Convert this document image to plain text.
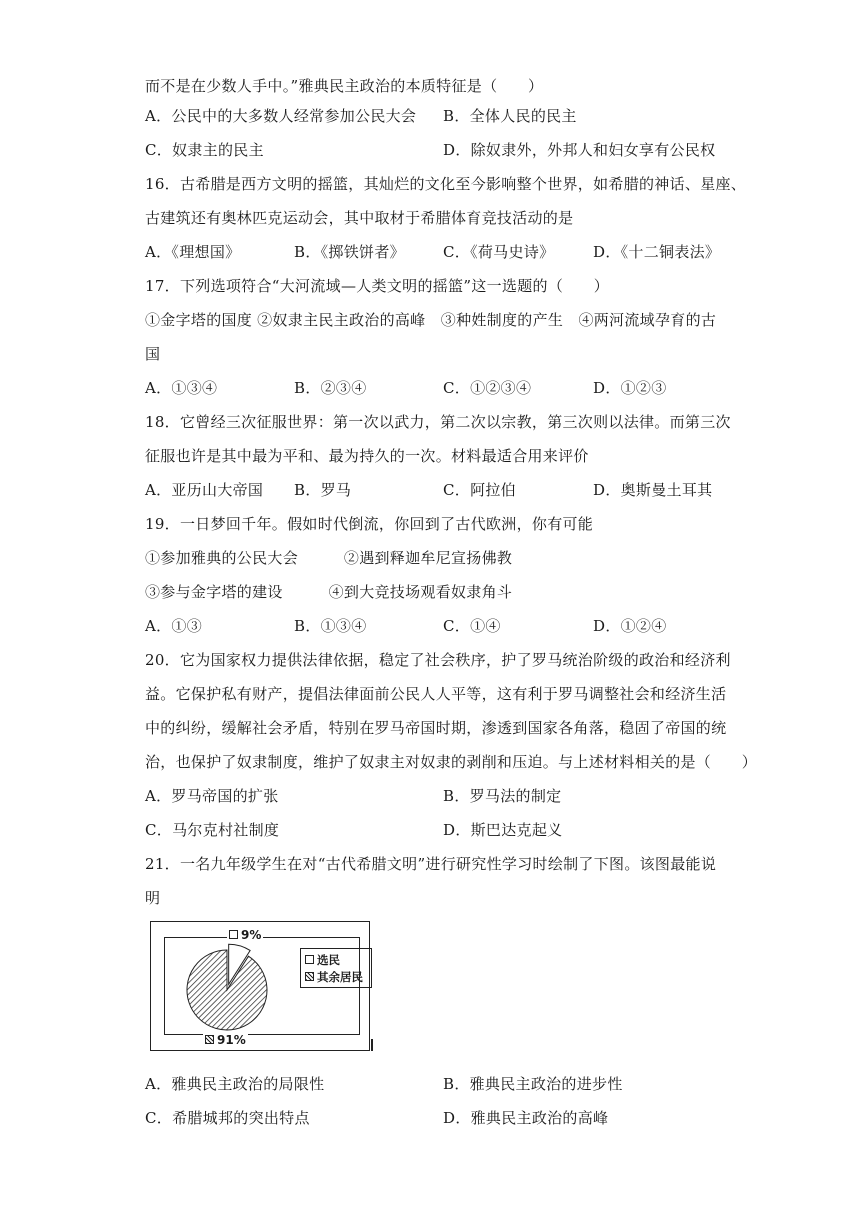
而不是在少数人手中。”雅典民主政治的本质特征是（　　）
A．公民中的大多数人经常参加公民大会 B．全体人民的民主
C．奴隶主的民主	D．除奴隶外，外邦人和妇女享有公民权
16．古希腊是西方文明的摇篮，其灿烂的文化至今影响整个世界，如希腊的神话、星座、
古建筑还有奥林匹克运动会，其中取材于希腊体育竞技活动的是
A．《理想国》	B．《掷铁饼者》	C．《荷马史诗》	D．《十二铜表法》
17．下列选项符合“大河流域—人类文明的摇篮”这一选题的（　　）
①金字塔的国度 ②奴隶主民主政治的高峰　③种姓制度的产生　④两河流域孕育的古
国
A．①③④	B．②③④	C．①②③④	D．①②③
18．它曾经三次征服世界：第一次以武力，第二次以宗教，第三次则以法律。而第三次
征服也许是其中最为平和、最为持久的一次。材料最适合用来评价
A．亚历山大帝国 B．罗马	C．阿拉伯	D．奥斯曼土耳其
19．一日梦回千年。假如时代倒流，你回到了古代欧洲，你有可能
①参加雅典的公民大会　　　②遇到释迦牟尼宣扬佛教
③参与金字塔的建设　　　④到大竞技场观看奴隶角斗
A．①③	B．①③④	C．①④	D．①②④
20．它为国家权力提供法律依据，稳定了社会秩序，护了罗马统治阶级的政治和经济利
益。它保护私有财产，提倡法律面前公民人人平等，这有利于罗马调整社会和经济生活
中的纠纷，缓解社会矛盾，特别在罗马帝国时期，渗透到国家各角落，稳固了帝国的统
治，也保护了奴隶制度，维护了奴隶主对奴隶的剥削和压迫。与上述材料相关的是（　　）
A．罗马帝国的扩张	B．罗马法的制定
C．马尔克村社制度	D．斯巴达克起义
21．一名九年级学生在对“古代希腊文明”进行研究性学习时绘制了下图。该图最能说
明
选民
其余居民
9%
91%
A．雅典民主政治的局限性	B．雅典民主政治的进步性
C．希腊城邦的突出特点	D．雅典民主政治的高峰
